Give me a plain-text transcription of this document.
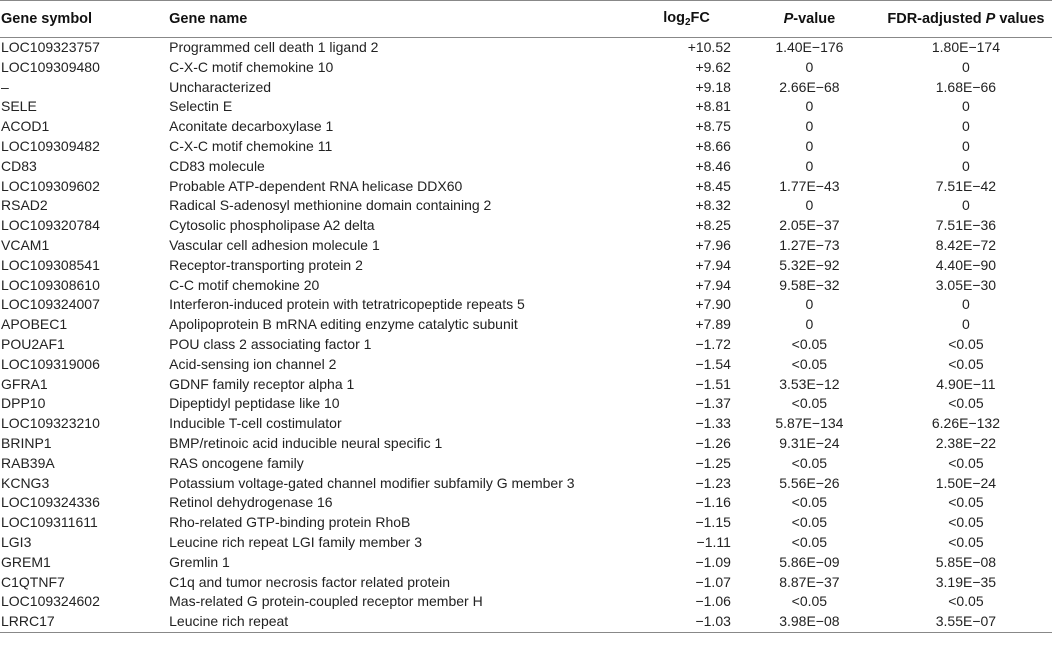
Gene symbol	Gene name	$\log_2FC$	P-value	FDR-adjusted P values
LOC109323757	Programmed cell death 1 ligand 2	+10.52	1.40E−176	1.80E−174
LOC109309480	C-X-C motif chemokine 10	+9.62	0	0
–	Uncharacterized	+9.18	2.66E−68	1.68E−66
SELE	Selectin E	+8.81	0	0
ACOD1	Aconitate decarboxylase 1	+8.75	0	0
LOC109309482	C-X-C motif chemokine 11	+8.66	0	0
CD83	CD83 molecule	+8.46	0	0
LOC109309602	Probable ATP-dependent RNA helicase DDX60	+8.45	1.77E−43	7.51E−42
RSAD2	Radical S-adenosyl methionine domain containing 2	+8.32	0	0
LOC109320784	Cytosolic phospholipase A2 delta	+8.25	2.05E−37	7.51E−36
VCAM1	Vascular cell adhesion molecule 1	+7.96	1.27E−73	8.42E−72
LOC109308541	Receptor-transporting protein 2	+7.94	5.32E−92	4.40E−90
LOC109308610	C-C motif chemokine 20	+7.94	9.58E−32	3.05E−30
LOC109324007	Interferon-induced protein with tetratricopeptide repeats 5	+7.90	0	0
APOBEC1	Apolipoprotein B mRNA editing enzyme catalytic subunit	+7.89	0	0
POU2AF1	POU class 2 associating factor 1	−1.72	<0.05	<0.05
LOC109319006	Acid-sensing ion channel 2	−1.54	<0.05	<0.05
GFRA1	GDNF family receptor alpha 1	−1.51	3.53E−12	4.90E−11
DPP10	Dipeptidyl peptidase like 10	−1.37	<0.05	<0.05
LOC109323210	Inducible T-cell costimulator	−1.33	5.87E−134	6.26E−132
BRINP1	BMP/retinoic acid inducible neural specific 1	−1.26	9.31E−24	2.38E−22
RAB39A	RAS oncogene family	−1.25	<0.05	<0.05
KCNG3	Potassium voltage-gated channel modifier subfamily G member 3	−1.23	5.56E−26	1.50E−24
LOC109324336	Retinol dehydrogenase 16	−1.16	<0.05	<0.05
LOC109311611	Rho-related GTP-binding protein RhoB	−1.15	<0.05	<0.05
LGI3	Leucine rich repeat LGI family member 3	−1.11	<0.05	<0.05
GREM1	Gremlin 1	−1.09	5.86E−09	5.85E−08
C1QTNF7	C1q and tumor necrosis factor related protein	−1.07	8.87E−37	3.19E−35
LOC109324602	Mas-related G protein-coupled receptor member H	−1.06	<0.05	<0.05
LRRC17	Leucine rich repeat	−1.03	3.98E−08	3.55E−07
